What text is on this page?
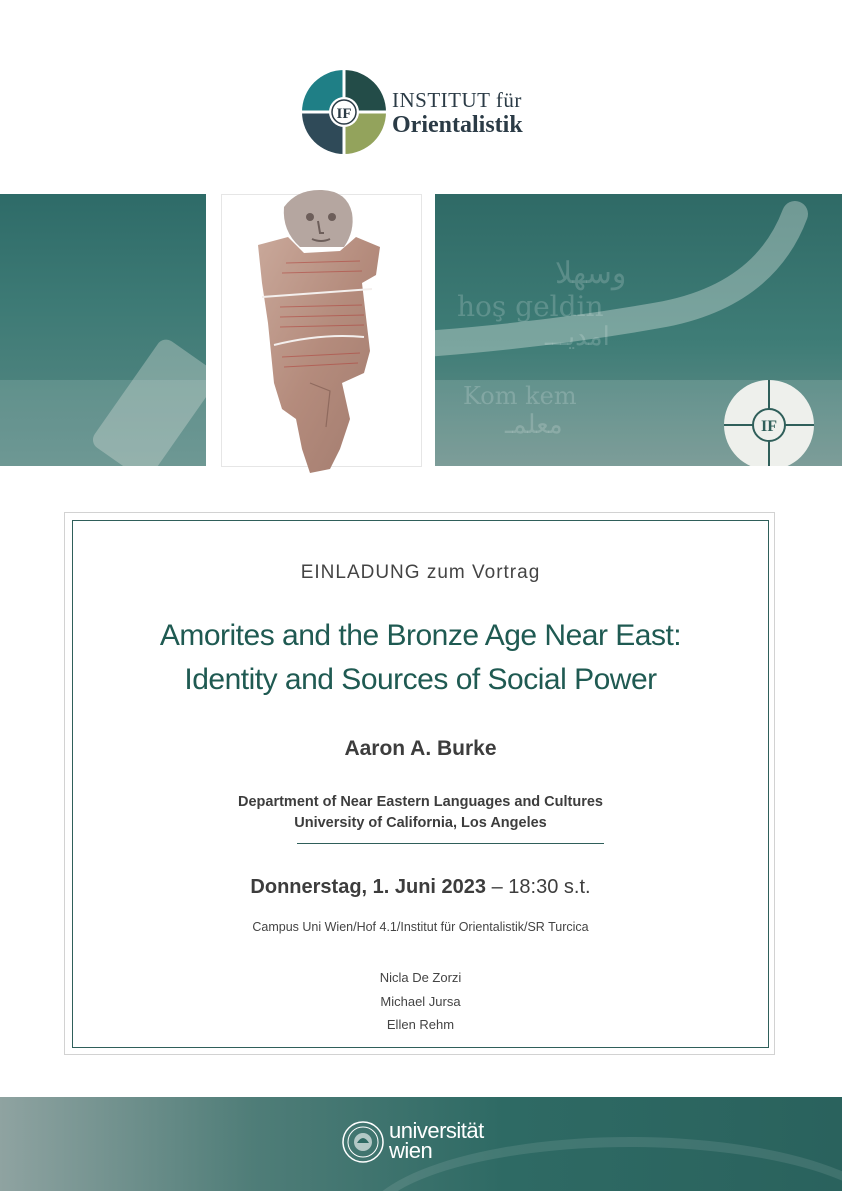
IF
INSTITUT für
Orientalistik
وسهلا
hoş geldin
امديـــ
Kom kem
معلمـ	IF
EINLADUNG zum Vortrag
Amorites and the Bronze Age Near East:
Identity and Sources of Social Power
Aaron A. Burke
Department of Near Eastern Languages and Cultures
University of California, Los Angeles
Donnerstag, 1. Juni 2023 – 18:30 s.t.
Campus Uni Wien/Hof 4.1/Institut für Orientalistik/SR Turcica
Nicla De Zorzi
Michael Jursa
Ellen Rehm
universität
wien
